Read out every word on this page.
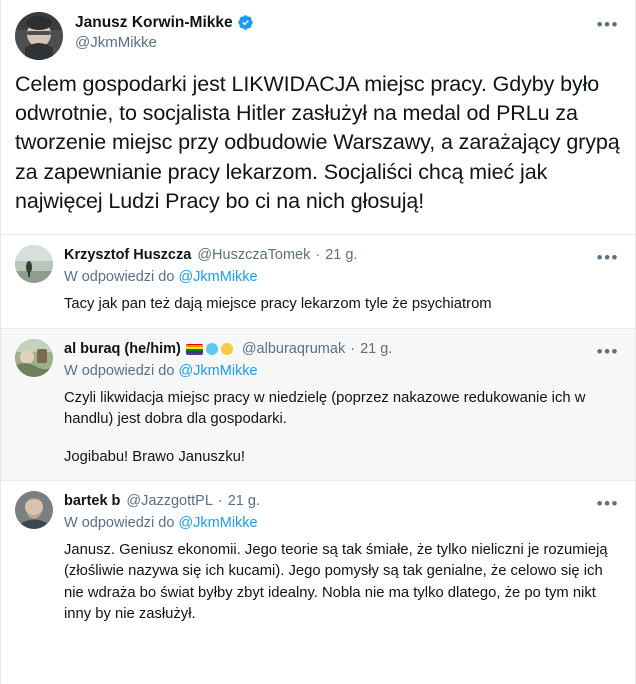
Janusz Korwin-Mikke
@JkmMikke
•••
Celem gospodarki jest LIKWIDACJA miejsc pracy. Gdyby było odwrotnie, to socjalista Hitler zasłużył na medal od PRLu za tworzenie miejsc przy odbudowie Warszawy, a zarażający grypą za zapewnianie pracy lekarzom. Socjaliści chcą mieć jak najwięcej Ludzi Pracy bo ci na nich głosują!
Krzysztof Huszcza @HuszczaTomek · 21 g.	•••
W odpowiedzi do @JkmMikke
Tacy jak pan też dają miejsce pracy lekarzom tyle że psychiatrom
al buraq (he/him)	@alburaqrumak · 21 g.	•••
W odpowiedzi do @JkmMikke
Czyli likwidacja miejsc pracy w niedzielę (poprzez nakazowe redukowanie ich w handlu) jest dobra dla gospodarki.
Jogibabu! Brawo Januszku!
bartek b @JazzgottPL · 21 g.	•••
W odpowiedzi do @JkmMikke
Janusz. Geniusz ekonomii. Jego teorie są tak śmiałe, że tylko nieliczni je rozumieją (złośliwie nazywa się ich kucami). Jego pomysły są tak genialne, że celowo się ich nie wdraża bo świat byłby zbyt idealny. Nobla nie ma tylko dlatego, że po tym nikt inny by nie zasłużył.
